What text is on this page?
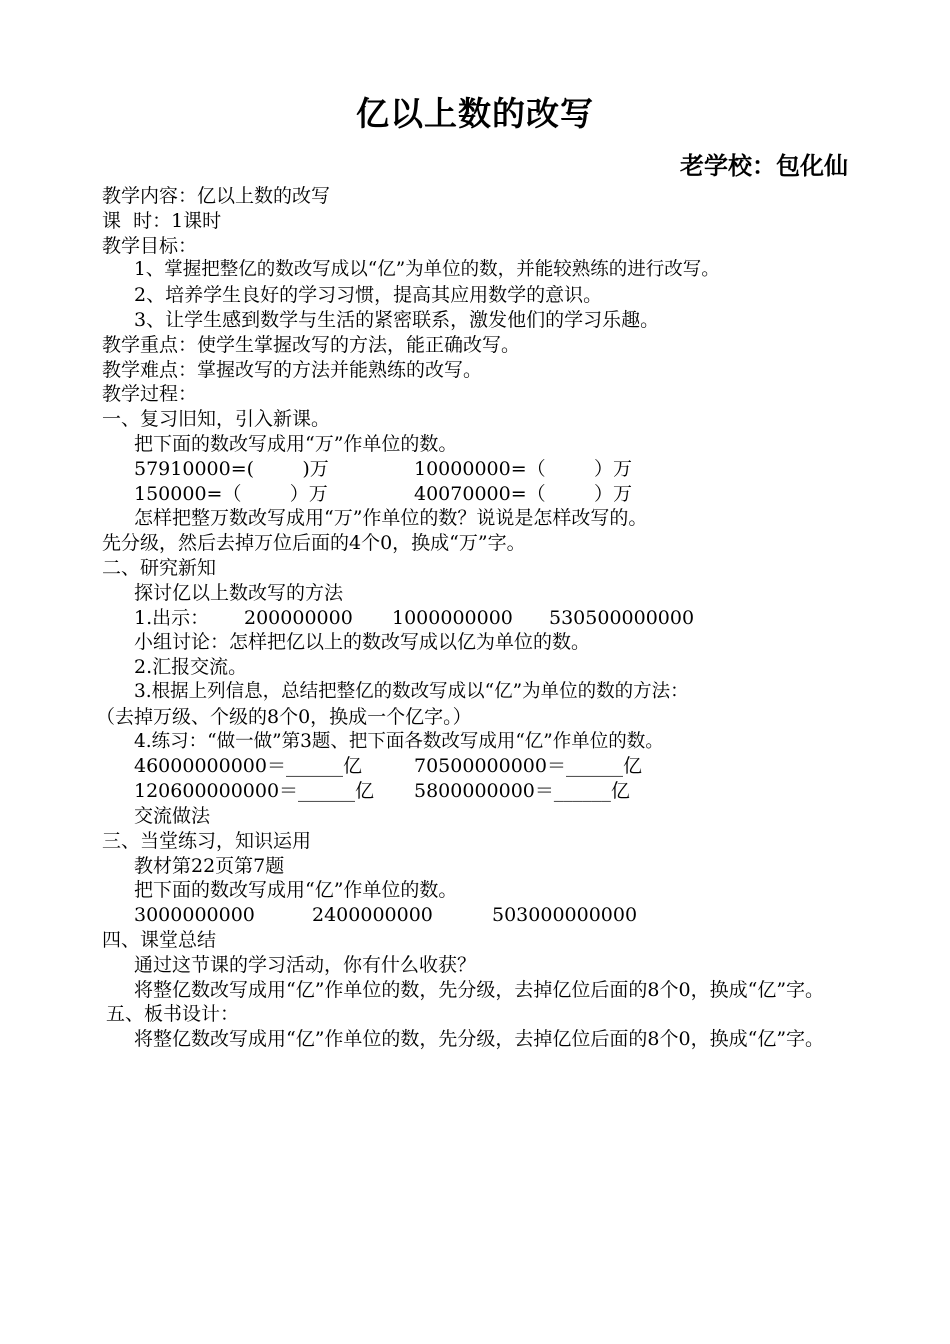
亿以上数的改写
老学校：包化仙
教学内容：亿以上数的改写
课  时：1课时
教学目标：
1、掌握把整亿的数改写成以“亿”为单位的数，并能较熟练的进行改写。
2、培养学生良好的学习习惯，提高其应用数学的意识。
3、让学生感到数学与生活的紧密联系，激发他们的学习乐趣。
教学重点：使学生掌握改写的方法，能正确改写。
教学难点：掌握改写的方法并能熟练的改写。
教学过程：
一、复习旧知，引入新课。
把下面的数改写成用“万”作单位的数。
57910000=(        )万	10000000=（        ）万
150000=（        ）万	40070000=（        ）万
怎样把整万数改写成用“万”作单位的数？说说是怎样改写的。
先分级，然后去掉万位后面的4个0，换成“万”字。
二、研究新知
探讨亿以上数改写的方法
1.出示： 200000000 1000000000 530500000000
小组讨论：怎样把亿以上的数改写成以亿为单位的数。
2.汇报交流。
3.根据上列信息，总结把整亿的数改写成以“亿”为单位的数的方法：
（去掉万级、个级的8个0，换成一个亿字。）
4.练习：“做一做”第3题、把下面各数改写成用“亿”作单位的数。
46000000000＝______亿	70500000000＝______亿
120600000000＝______亿 5800000000＝______亿
交流做法
三、当堂练习，知识运用
教材第22页第7题
把下面的数改写成用“亿”作单位的数。
3000000000	2400000000	503000000000
四、课堂总结
通过这节课的学习活动，你有什么收获？
将整亿数改写成用“亿”作单位的数，先分级，去掉亿位后面的8个0，换成“亿”字。
五、板书设计：
将整亿数改写成用“亿”作单位的数，先分级，去掉亿位后面的8个0，换成“亿”字。
